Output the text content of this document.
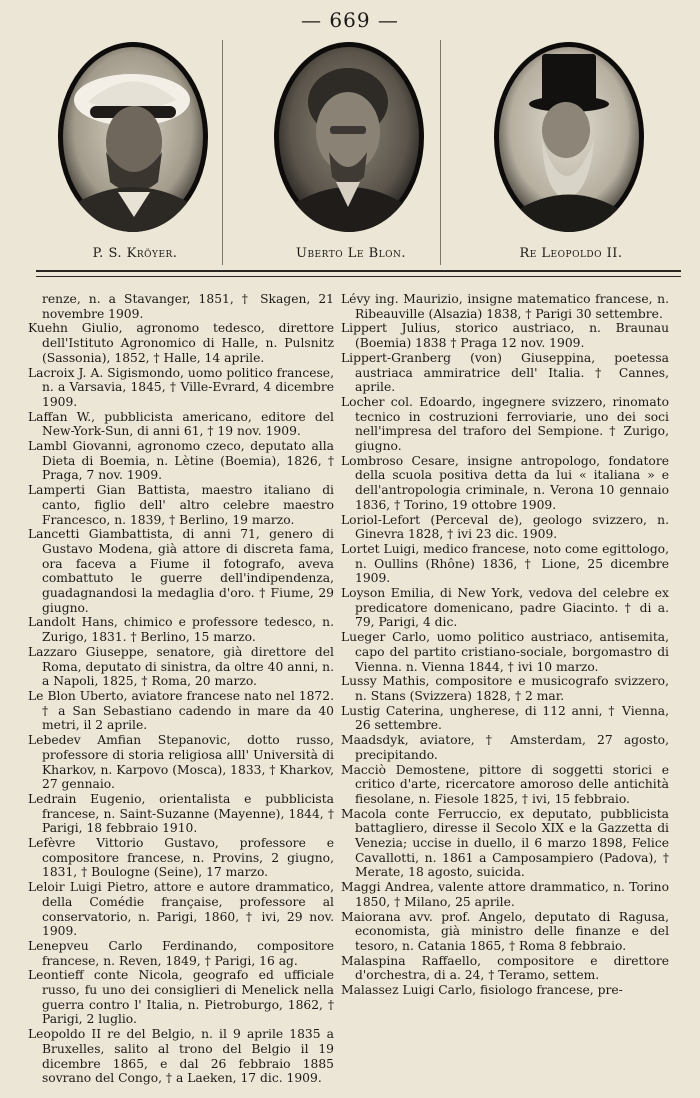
— 669 —
P. S. Kröyer.	Uberto Le Blon.	Re Leopoldo II.

renze, n. a Stavanger, 1851, † Skagen, 21 novembre 1909.

Kuehn Giulio, agronomo tedesco, direttore dell'Istituto Agronomico di Halle, n. Pulsnitz (Sassonia), 1852, † Halle, 14 aprile.

Lacroix J. A. Sigismondo, uomo politico francese, n. a Varsavia, 1845, † Ville-Evrard, 4 dicembre 1909.

Laffan W., pubblicista americano, editore del New-York-Sun, di anni 61, † 19 nov. 1909.

Lambl Giovanni, agronomo czeco, deputato alla Dieta di Boemia, n. Lètine (Boemia), 1826, † Praga, 7 nov. 1909.

Lamperti Gian Battista, maestro italiano di canto, figlio dell' altro celebre maestro Francesco, n. 1839, † Berlino, 19 marzo.

Lancetti Giambattista, di anni 71, genero di Gustavo Modena, già attore di discreta fama, ora faceva a Fiume il fotografo, aveva combattuto le guerre dell'indipendenza, guadagnandosi la medaglia d'oro. † Fiume, 29 giugno.

Landolt Hans, chimico e professore tedesco, n. Zurigo, 1831. † Berlino, 15 marzo.

Lazzaro Giuseppe, senatore, già direttore del Roma, deputato di sinistra, da oltre 40 anni, n. a Napoli, 1825, † Roma, 20 marzo.

Le Blon Uberto, aviatore francese nato nel 1872. † a San Sebastiano cadendo in mare da 40 metri, il 2 aprile.

Lebedev Amfian Stepanovic, dotto russo, professore di storia religiosa alll' Università di Kharkov, n. Karpovo (Mosca), 1833, † Kharkov, 27 gennaio.

Ledrain Eugenio, orientalista e pubblicista francese, n. Saint-Suzanne (Mayenne), 1844, † Parigi, 18 febbraio 1910.

Lefèvre Vittorio Gustavo, professore e compositore francese, n. Provins, 2 giugno, 1831, † Boulogne (Seine), 17 marzo.

Leloir Luigi Pietro, attore e autore drammatico, della Comédie française, professore al conservatorio, n. Parigi, 1860, † ivi, 29 nov. 1909.

Lenepveu Carlo Ferdinando, compositore francese, n. Reven, 1849, † Parigi, 16 ag.

Leontieff conte Nicola, geografo ed ufficiale russo, fu uno dei consiglieri di Menelick nella guerra contro l' Italia, n. Pietroburgo, 1862, † Parigi, 2 luglio.

Leopoldo II re del Belgio, n. il 9 aprile 1835 a Bruxelles, salito al trono del Belgio il 19 dicembre 1865, e dal 26 febbraio 1885 sovrano del Congo, † a Laeken, 17 dic. 1909.

Lévy ing. Maurizio, insigne matematico francese, n. Ribeauville (Alsazia) 1838, † Parigi 30 settembre.

Lippert Julius, storico austriaco, n. Braunau (Boemia) 1838 † Praga 12 nov. 1909.

Lippert-Granberg (von) Giuseppina, poetessa austriaca ammiratrice dell' Italia. † Cannes, aprile.

Locher col. Edoardo, ingegnere svizzero, rinomato tecnico in costruzioni ferroviarie, uno dei soci nell'impresa del traforo del Sempione. † Zurigo, giugno.

Lombroso Cesare, insigne antropologo, fondatore della scuola positiva detta da lui « italiana » e dell'antropologia criminale, n. Verona 10 gennaio 1836, † Torino, 19 ottobre 1909.

Loriol-Lefort (Perceval de), geologo svizzero, n. Ginevra 1828, † ivi 23 dic. 1909.

Lortet Luigi, medico francese, noto come egittologo, n. Oullins (Rhône) 1836, † Lione, 25 dicembre 1909.

Loyson Emilia, di New York, vedova del celebre ex predicatore domenicano, padre Giacinto. † di a. 79, Parigi, 4 dic.

Lueger Carlo, uomo politico austriaco, antisemita, capo del partito cristiano-sociale, borgomastro di Vienna. n. Vienna 1844, † ivi 10 marzo.

Lussy Mathis, compositore e musicografo svizzero, n. Stans (Svizzera) 1828, † 2 mar.

Lustig Caterina, ungherese, di 112 anni, † Vienna, 26 settembre.

Maadsdyk, aviatore, † Amsterdam, 27 agosto, precipitando.

Macciò Demostene, pittore di soggetti storici e critico d'arte, ricercatore amoroso delle antichità fiesolane, n. Fiesole 1825, † ivi, 15 febbraio.

Macola conte Ferruccio, ex deputato, pubblicista battagliero, diresse il Secolo XIX e la Gazzetta di Venezia; uccise in duello, il 6 marzo 1898, Felice Cavallotti, n. 1861 a Camposampiero (Padova), † Merate, 18 agosto, suicida.

Maggi Andrea, valente attore drammatico, n. Torino 1850, † Milano, 25 aprile.

Maiorana avv. prof. Angelo, deputato di Ragusa, economista, già ministro delle finanze e del tesoro, n. Catania 1865, † Roma 8 febbraio.

Malaspina Raffaello, compositore e direttore d'orchestra, di a. 24, † Teramo, settem.

Malassez Luigi Carlo, fisiologo francese, pre-
